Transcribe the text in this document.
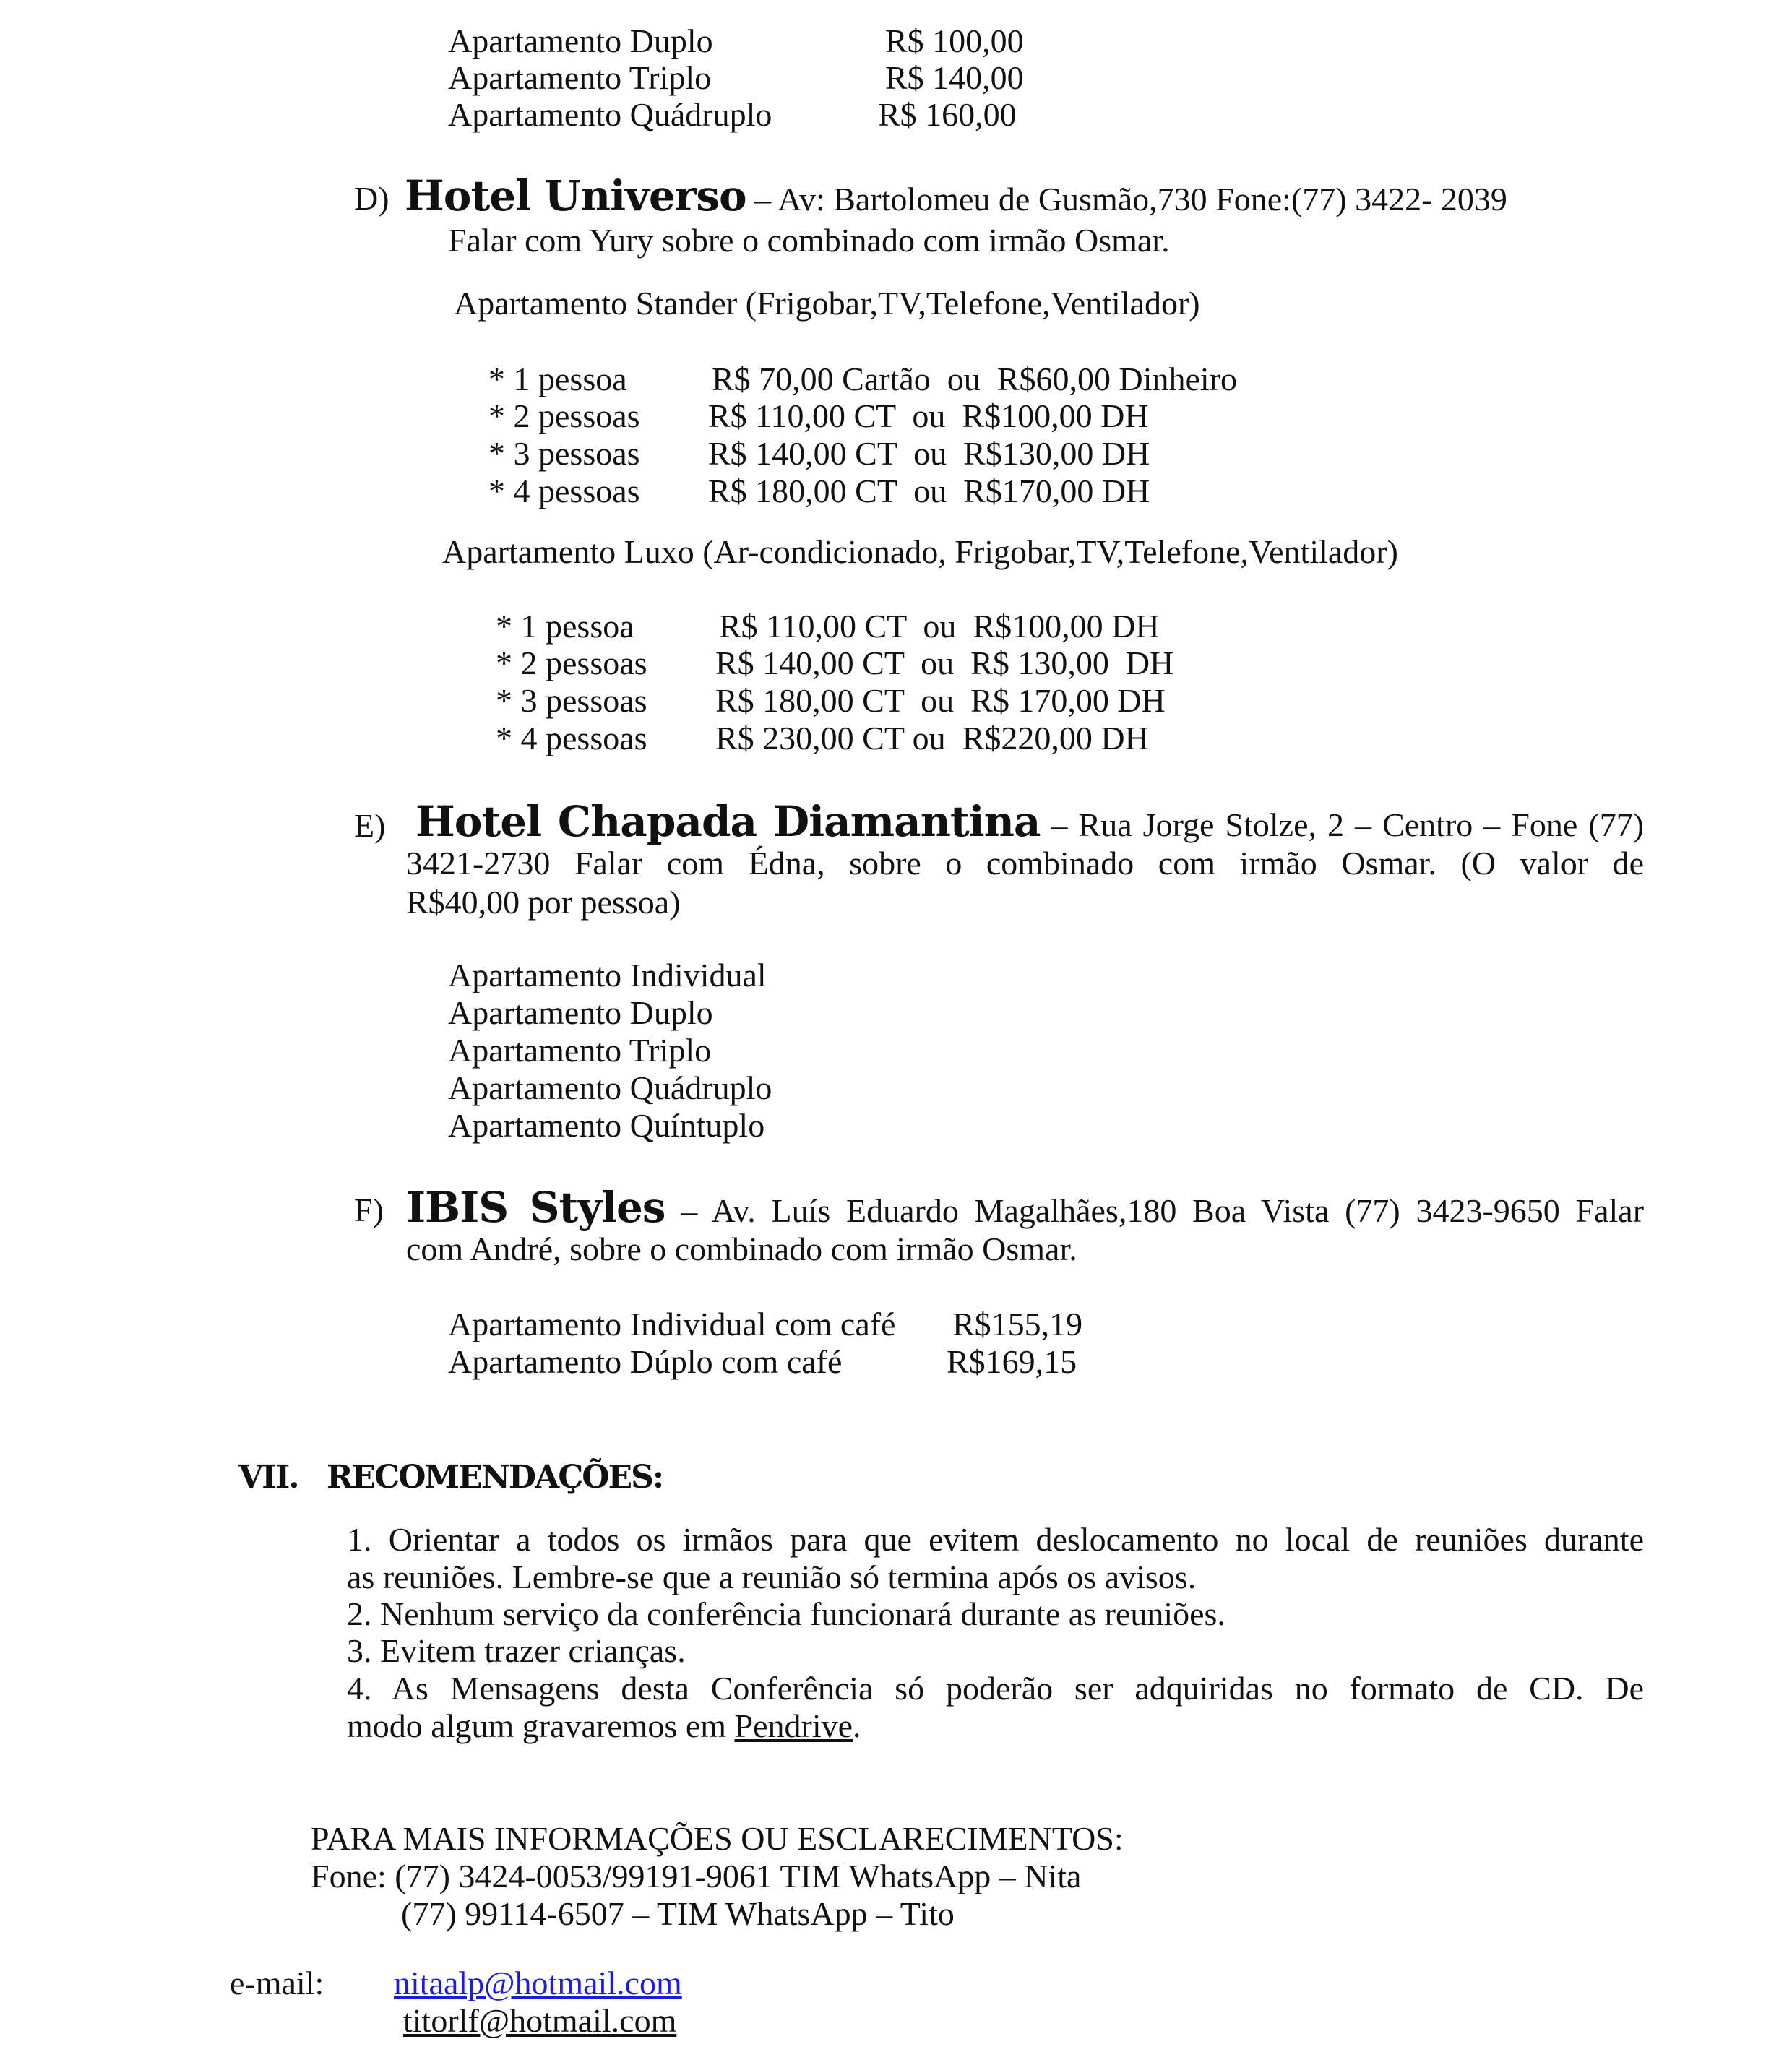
Apartamento Duplo	R$ 100,00
Apartamento Triplo	R$ 140,00
Apartamento Quádruplo	R$ 160,00
D) Hotel Universo – Av: Bartolomeu de Gusmão,730 Fone:(77) 3422- 2039
Falar com Yury sobre o combinado com irmão Osmar.
Apartamento Stander (Frigobar,TV,Telefone,Ventilador)
* 1 pessoa	R$ 70,00 Cartão  ou  R$60,00 Dinheiro
* 2 pessoas R$ 110,00 CT  ou  R$100,00 DH
* 3 pessoas R$ 140,00 CT  ou  R$130,00 DH
* 4 pessoas R$ 180,00 CT  ou  R$170,00 DH
Apartamento Luxo (Ar-condicionado, Frigobar,TV,Telefone,Ventilador)
* 1 pessoa	R$ 110,00 CT  ou  R$100,00 DH
* 2 pessoas R$ 140,00 CT  ou  R$ 130,00  DH
* 3 pessoas R$ 180,00 CT  ou  R$ 170,00 DH
* 4 pessoas R$ 230,00 CT ou  R$220,00 DH
E) Hotel Chapada Diamantina – Rua Jorge Stolze, 2 – Centro – Fone (77)
3421-2730 Falar com Édna, sobre o combinado com irmão Osmar. (O valor de
R$40,00 por pessoa)
Apartamento Individual
Apartamento Duplo
Apartamento Triplo
Apartamento Quádruplo
Apartamento Quíntuplo
F) IBIS Styles – Av. Luís Eduardo Magalhães,180 Boa Vista (77) 3423-9650 Falar
com André, sobre o combinado com irmão Osmar.
Apartamento Individual com café R$155,19
Apartamento Dúplo com café	R$169,15
VII. RECOMENDAÇÕES:
1. Orientar a todos os irmãos para que evitem deslocamento no local de reuniões durante
as reuniões. Lembre-se que a reunião só termina após os avisos.
2. Nenhum serviço da conferência funcionará durante as reuniões.
3. Evitem trazer crianças.
4. As Mensagens desta Conferência só poderão ser adquiridas no formato de CD. De
modo algum gravaremos em Pendrive.
PARA MAIS INFORMAÇÕES OU ESCLARECIMENTOS:
Fone: (77) 3424-0053/99191-9061 TIM WhatsApp – Nita
(77) 99114-6507 – TIM WhatsApp – Tito
e-mail: nitaalp@hotmail.com
titorlf@hotmail.com
